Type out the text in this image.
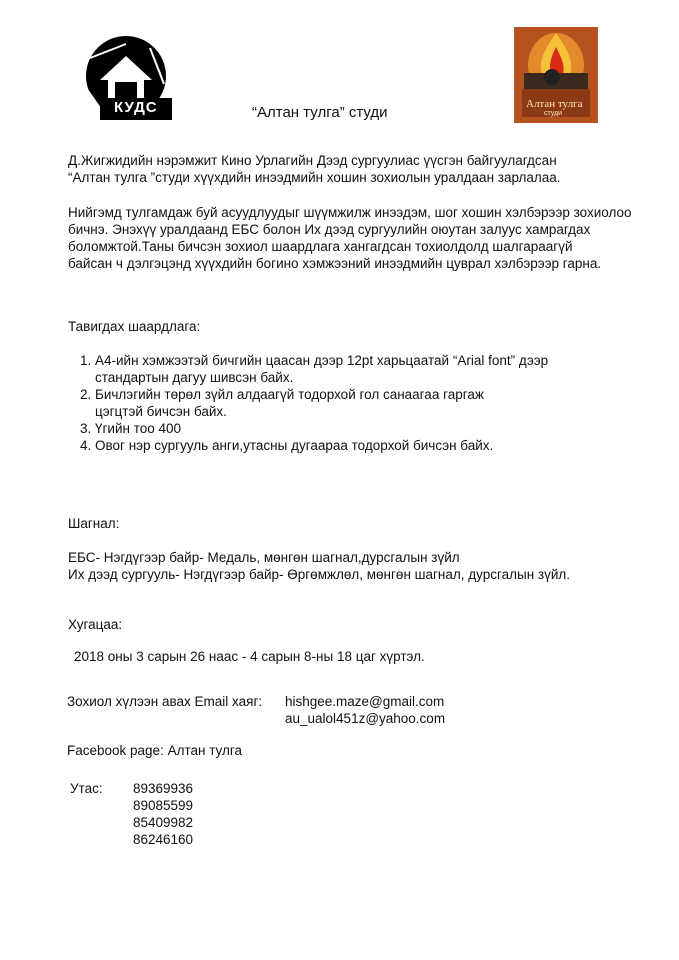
КУДС	Алтан тулга
студи
“Алтан тулга” студи
Д.Жигжидийн нэрэмжит Кино Урлагийн Дээд сургуулиас үүсгэн байгуулагдсан
“Алтан тулга ”студи хүүхдийн инээдмийн хошин зохиолын уралдаан зарлалаа.
Нийгэмд тулгамдаж буй асуудлуудыг шүүмжилж инээдэм, шог хошин хэлбэрээр зохиолоо
бичнэ. Энэхүү уралдаанд ЕБС болон Их дээд сургуулийн оюутан залуус хамрагдах
боломжтой.Таны бичсэн зохиол шаардлага хангагдсан тохиолдолд шалгараагүй
байсан ч дэлгэцэнд хүүхдийн богино хэмжээний инээдмийн цуврал хэлбэрээр гарна.
Тавигдах шаардлага:
1. А4-ийн хэмжээтэй бичгийн цаасан дээр 12pt харьцаатай “Arial font” дээр
стандартын дагуу шивсэн байх.
2. Бичлэгийн төрөл зүйл алдаагүй тодорхой гол санаагаа гаргаж
цэгцтэй бичсэн байх.
3. Үгийн тоо 400
4. Овог нэр сургууль анги,утасны дугаараа тодорхой бичсэн байх.
Шагнал:
ЕБС- Нэгдүгээр байр- Медаль, мөнгөн шагнал,дурсгалын зүйл
Их дээд сургууль- Нэгдүгээр байр- Өргөмжлөл, мөнгөн шагнал, дурсгалын зүйл.
Хугацаа:
2018 оны 3 сарын 26 наас - 4 сарын 8-ны 18 цаг хүртэл.
Зохиол хүлээн авах Email хаяг: hishgee.maze@gmail.com
au_ualol451z@yahoo.com
Facebook page: Алтан тулга
Утас: 89369936
89085599
85409982
86246160
